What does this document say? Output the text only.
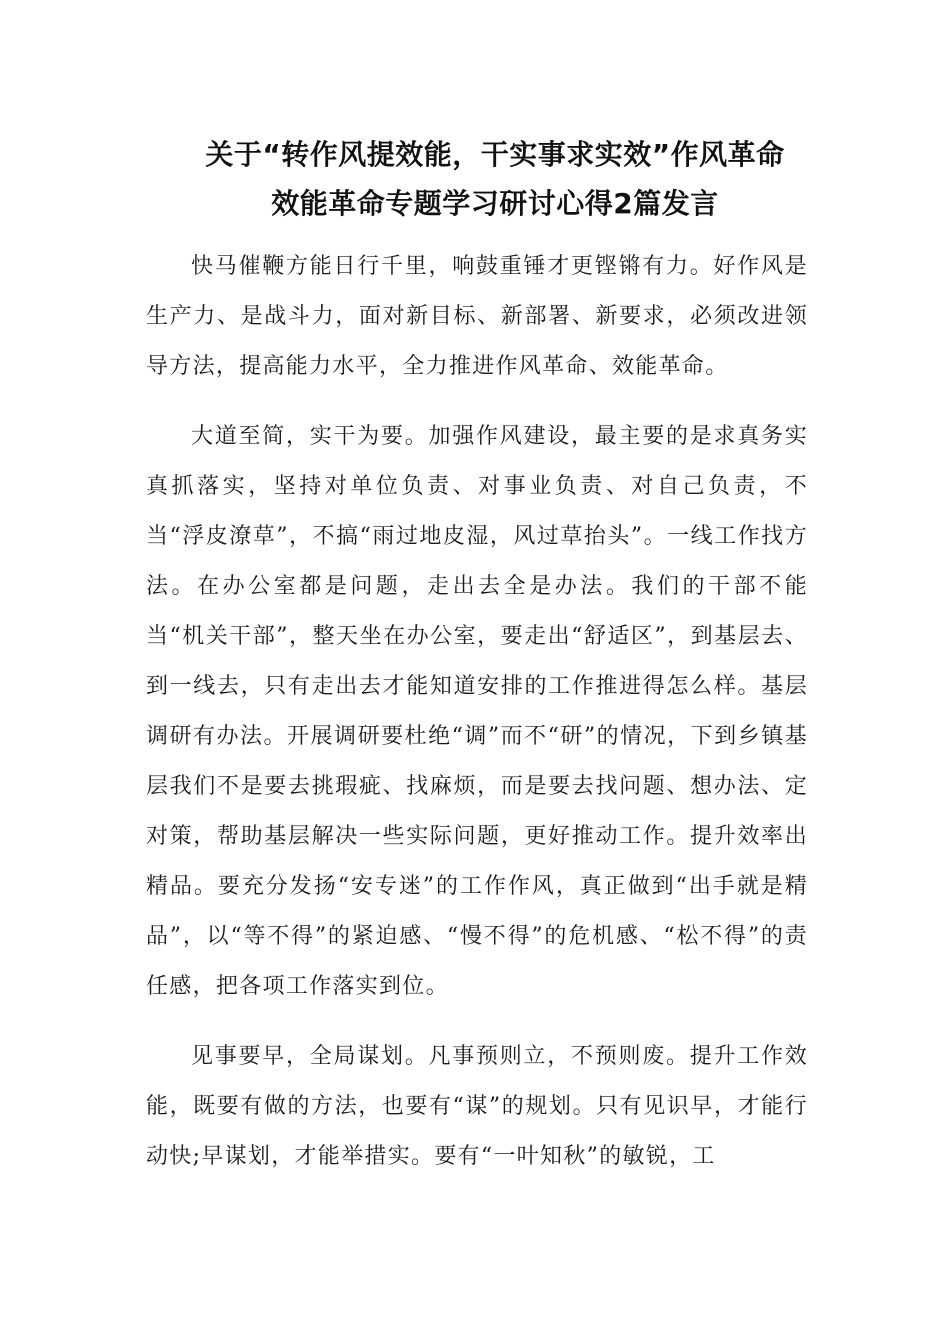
关于“转作风提效能，干实事求实效”作风革命
效能革命专题学习研讨心得2篇发言

快马催鞭方能日行千里，响鼓重锤才更铿锵有力。好作风是生产力、是战斗力，面对新目标、新部署、新要求，必须改进领导方法，提高能力水平，全力推进作风革命、效能革命。

大道至简，实干为要。加强作风建设，最主要的是求真务实真抓落实，坚持对单位负责、对事业负责、对自己负责，不当“浮皮潦草”，不搞“雨过地皮湿，风过草抬头”。一线工作找方法。在办公室都是问题，走出去全是办法。我们的干部不能当“机关干部”，整天坐在办公室，要走出“舒适区”，到基层去、到一线去，只有走出去才能知道安排的工作推进得怎么样。基层调研有办法。开展调研要杜绝“调”而不“研”的情况，下到乡镇基层我们不是要去挑瑕疵、找麻烦，而是要去找问题、想办法、定对策，帮助基层解决一些实际问题，更好推动工作。提升效率出精品。要充分发扬“安专迷”的工作作风，真正做到“出手就是精品”，以“等不得”的紧迫感、“慢不得”的危机感、“松不得”的责任感，把各项工作落实到位。

见事要早，全局谋划。凡事预则立，不预则废。提升工作效能，既要有做的方法，也要有“谋”的规划。只有见识早，才能行动快;早谋划，才能举措实。要有“一叶知秋”的敏锐，工
